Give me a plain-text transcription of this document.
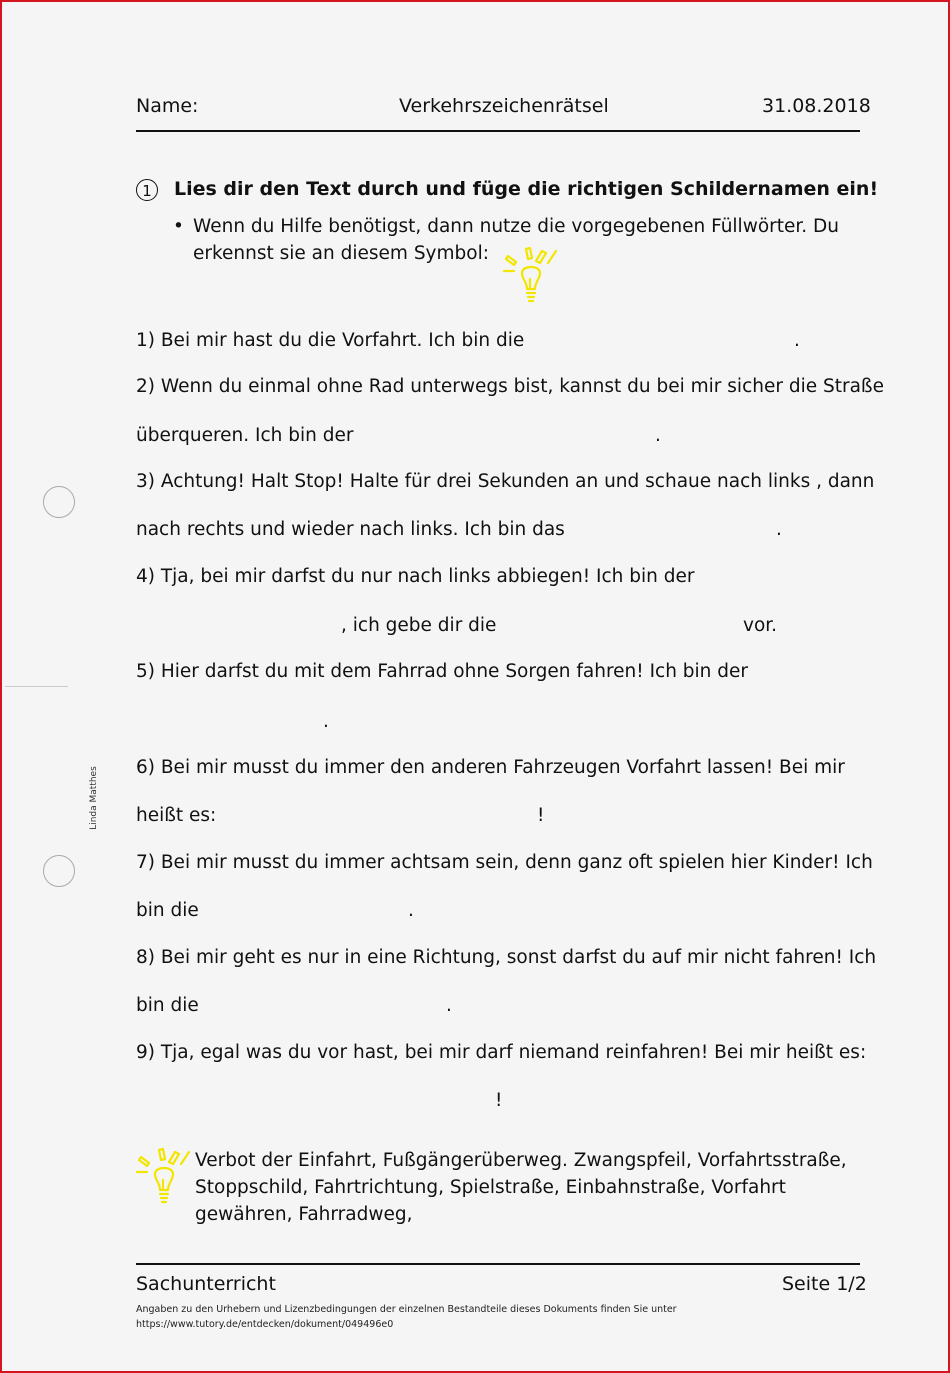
Name:	Verkehrszeichenrätsel	31.08.2018
1	Lies dir den Text durch und füge die richtigen Schildernamen ein!
• Wenn du Hilfe benötigst, dann nutze die vorgegebenen Füllwörter. Du
erkennst sie an diesem Symbol:
1) Bei mir hast du die Vorfahrt. Ich bin die	.
2) Wenn du einmal ohne Rad unterwegs bist, kannst du bei mir sicher die Straße
überqueren. Ich bin der	.
3) Achtung! Halt Stop! Halte für drei Sekunden an und schaue nach links , dann
nach rechts und wieder nach links. Ich bin das	.
4) Tja, bei mir darfst du nur nach links abbiegen! Ich bin der
, ich gebe dir die	vor.
5) Hier darfst du mit dem Fahrrad ohne Sorgen fahren! Ich bin der
.
6) Bei mir musst du immer den anderen Fahrzeugen Vorfahrt lassen! Bei mir
heißt es:	!
7) Bei mir musst du immer achtsam sein, denn ganz oft spielen hier Kinder! Ich
bin die	.
8) Bei mir geht es nur in eine Richtung, sonst darfst du auf mir nicht fahren! Ich
bin die	.
9) Tja, egal was du vor hast, bei mir darf niemand reinfahren! Bei mir heißt es:
!
Verbot der Einfahrt, Fußgängerüberweg. Zwangspfeil, Vorfahrtsstraße,
Stoppschild, Fahrtrichtung, Spielstraße, Einbahnstraße, Vorfahrt
gewähren, Fahrradweg,
Linda Matthes
Sachunterricht	Seite 1/2
Angaben zu den Urhebern und Lizenzbedingungen der einzelnen Bestandteile dieses Dokuments finden Sie unter
https://www.tutory.de/entdecken/dokument/049496e0
